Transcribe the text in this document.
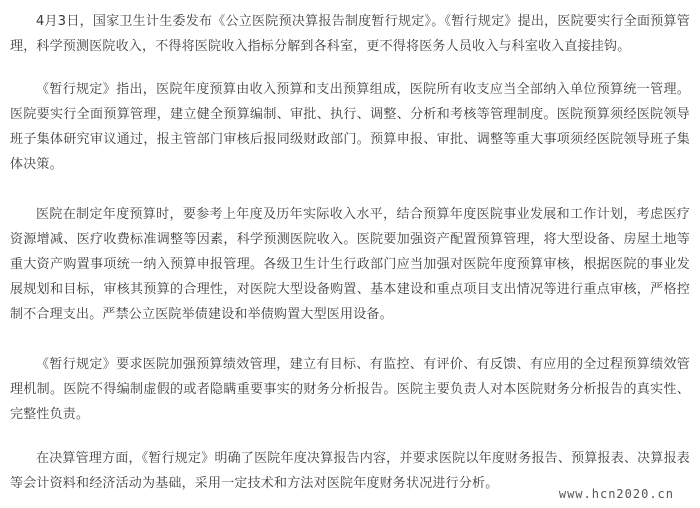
4月3日，国家卫生计生委发布《公立医院预决算报告制度暂行规定》。《暂行规定》提出，医院要实行全面预算管理，科学预测医院收入，不得将医院收入指标分解到各科室，更不得将医务人员收入与科室收入直接挂钩。

《暂行规定》指出，医院年度预算由收入预算和支出预算组成，医院所有收支应当全部纳入单位预算统一管理。医院要实行全面预算管理，建立健全预算编制、审批、执行、调整、分析和考核等管理制度。医院预算须经医院领导班子集体研究审议通过，报主管部门审核后报同级财政部门。预算申报、审批、调整等重大事项须经医院领导班子集体决策。

医院在制定年度预算时，要参考上年度及历年实际收入水平，结合预算年度医院事业发展和工作计划，考虑医疗资源增减、医疗收费标准调整等因素，科学预测医院收入。医院要加强资产配置预算管理，将大型设备、房屋土地等重大资产购置事项统一纳入预算申报管理。各级卫生计生行政部门应当加强对医院年度预算审核，根据医院的事业发展规划和目标，审核其预算的合理性，对医院大型设备购置、基本建设和重点项目支出情况等进行重点审核，严格控制不合理支出。严禁公立医院举债建设和举债购置大型医用设备。

《暂行规定》要求医院加强预算绩效管理，建立有目标、有监控、有评价、有反馈、有应用的全过程预算绩效管理机制。医院不得编制虚假的或者隐瞒重要事实的财务分析报告。医院主要负责人对本医院财务分析报告的真实性、完整性负责。

在决算管理方面，《暂行规定》明确了医院年度决算报告内容，并要求医院以年度财务报告、预算报表、决算报表等会计资料和经济活动为基础，采用一定技术和方法对医院年度财务状况进行分析。

www.hcn2020.cn
